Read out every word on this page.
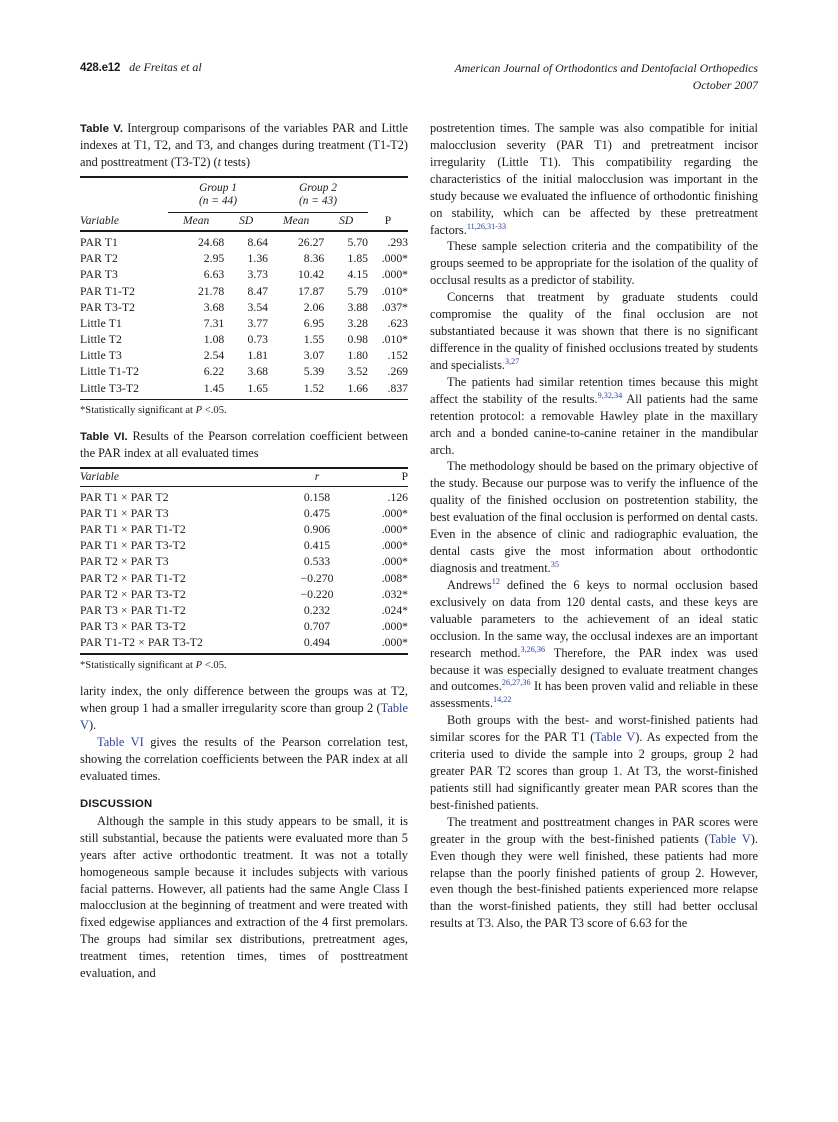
428.e12 de Freitas et al	American Journal of Orthodontics and Dentofacial Orthopedics
October 2007

Table V. Intergroup comparisons of the variables PAR and Little indexes at T1, T2, and T3, and changes during treatment (T1-T2) and posttreatment (T3-T2) (t tests)

	Group 1
(n = 44)		Group 2
(n = 43)	

Variable	Mean	SD	Mean	SD	P
PAR T1	24.68	8.64	26.27	5.70	.293
PAR T2	2.95	1.36	8.36	1.85	.000*
PAR T3	6.63	3.73	10.42	4.15	.000*
PAR T1-T2	21.78	8.47	17.87	5.79	.010*
PAR T3-T2	3.68	3.54	2.06	3.88	.037*
Little T1	7.31	3.77	6.95	3.28	.623
Little T2	1.08	0.73	1.55	0.98	.010*
Little T3	2.54	1.81	3.07	1.80	.152
Little T1-T2	6.22	3.68	5.39	3.52	.269
Little T3-T2	1.45	1.65	1.52	1.66	.837

*Statistically significant at P <.05.

Table VI. Results of the Pearson correlation coefficient between the PAR index at all evaluated times

Variable	r	P
PAR T1 × PAR T2	0.158	.126
PAR T1 × PAR T3	0.475	.000*
PAR T1 × PAR T1-T2	0.906	.000*
PAR T1 × PAR T3-T2	0.415	.000*
PAR T2 × PAR T3	0.533	.000*
PAR T2 × PAR T1-T2	−0.270	.008*
PAR T2 × PAR T3-T2	−0.220	.032*
PAR T3 × PAR T1-T2	0.232	.024*
PAR T3 × PAR T3-T2	0.707	.000*
PAR T1-T2 × PAR T3-T2	0.494	.000*

*Statistically significant at P <.05.

larity index, the only difference between the groups was at T2, when group 1 had a smaller irregularity score than group 2 (Table V).

Table VI gives the results of the Pearson correlation test, showing the correlation coefficients between the PAR index at all evaluated times.

DISCUSSION

Although the sample in this study appears to be small, it is still substantial, because the patients were evaluated more than 5 years after active orthodontic treatment. It was not a totally homogeneous sample because it includes subjects with various facial patterns. However, all patients had the same Angle Class I malocclusion at the beginning of treatment and were treated with fixed edgewise appliances and extraction of the 4 first premolars. The groups had similar sex distributions, pretreatment ages, treatment times, retention times, times of posttreatment evaluation, and

postretention times. The sample was also compatible for initial malocclusion severity (PAR T1) and pretreatment incisor irregularity (Little T1). This compatibility regarding the characteristics of the initial malocclusion was important in the study because we evaluated the influence of orthodontic finishing on stability, which can be affected by these pretreatment factors.$^{11,26,31-33}$

These sample selection criteria and the compatibility of the groups seemed to be appropriate for the isolation of the quality of occlusal results as a predictor of stability.

Concerns that treatment by graduate students could compromise the quality of the final occlusion are not substantiated because it was shown that there is no significant difference in the quality of finished occlusions treated by students and specialists.$^{3,27}$

The patients had similar retention times because this might affect the stability of the results.$^{9,32,34}$ All patients had the same retention protocol: a removable Hawley plate in the maxillary arch and a bonded canine-to-canine retainer in the mandibular arch.

The methodology should be based on the primary objective of the study. Because our purpose was to verify the influence of the quality of the finished occlusion on postretention stability, the best evaluation of the final occlusion is performed on dental casts. Even in the absence of clinic and radiographic evaluation, the dental casts give the most information about orthodontic diagnosis and treatment.$^{35}$

Andrews$^{12}$ defined the 6 keys to normal occlusion based exclusively on data from 120 dental casts, and these keys are valuable parameters to the achievement of an ideal static occlusion. In the same way, the occlusal indexes are an important research method.$^{3,26,36}$ Therefore, the PAR index was used because it was especially designed to evaluate treatment changes and outcomes.$^{26,27,36}$ It has been proven valid and reliable in these assessments.$^{14,22}$

Both groups with the best- and worst-finished patients had similar scores for the PAR T1 (Table V). As expected from the criteria used to divide the sample into 2 groups, group 2 had greater PAR T2 scores than group 1. At T3, the worst-finished patients still had significantly greater mean PAR scores than the best-finished patients.

The treatment and posttreatment changes in PAR scores were greater in the group with the best-finished patients (Table V). Even though they were well finished, these patients had more relapse than the poorly finished patients of group 2. However, even though the best-finished patients experienced more relapse than the worst-finished patients, they still had better occlusal results at T3. Also, the PAR T3 score of 6.63 for the
